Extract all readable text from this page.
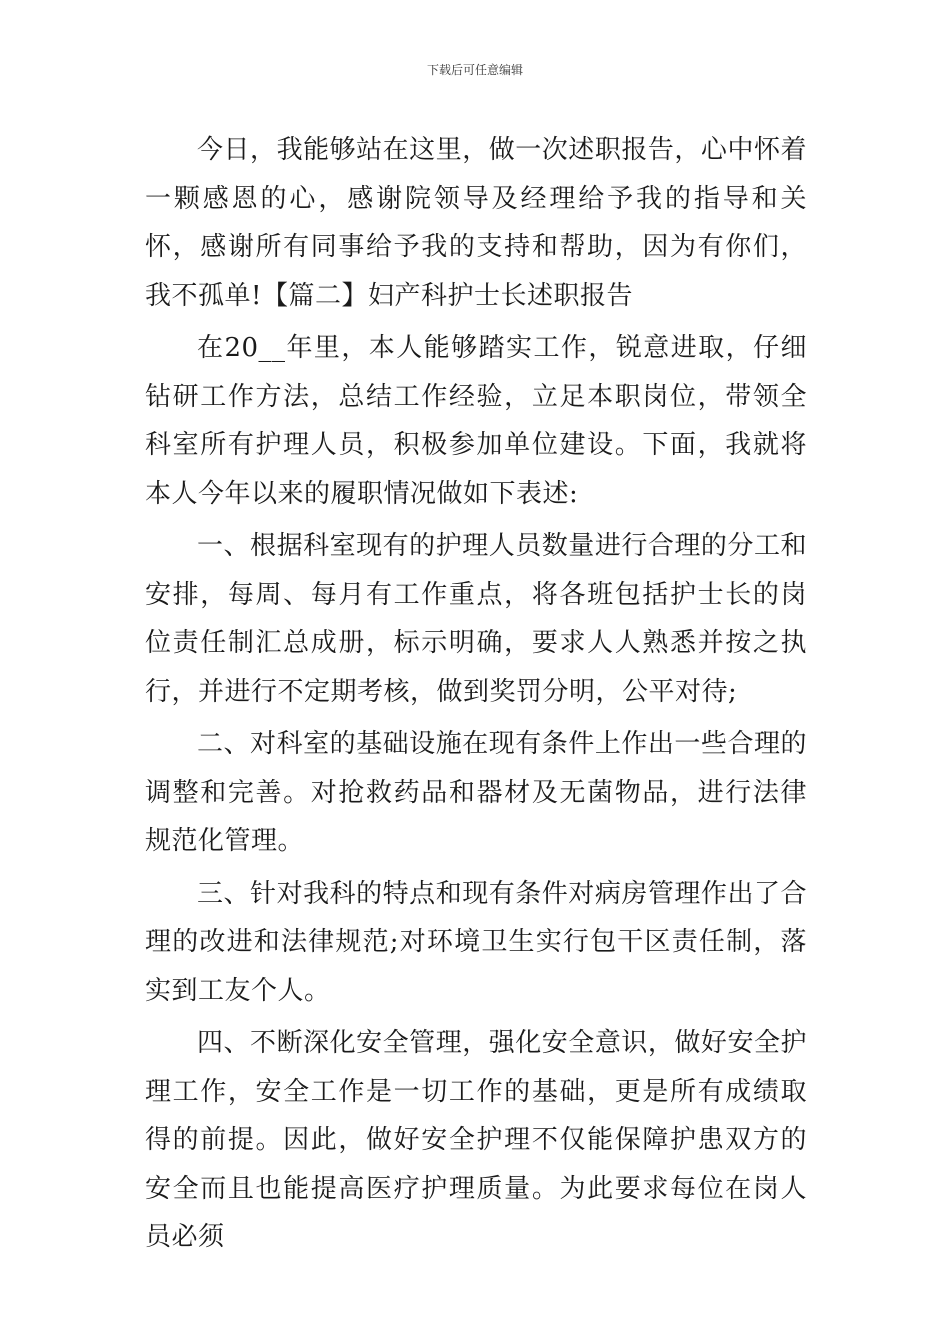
下载后可任意编辑

今日，我能够站在这里，做一次述职报告，心中怀着一颗感恩的心，感谢院领导及经理给予我的指导和关怀，感谢所有同事给予我的支持和帮助，因为有你们，我不孤单!【篇二】妇产科护士长述职报告

在20__年里，本人能够踏实工作，锐意进取，仔细钻研工作方法，总结工作经验，立足本职岗位，带领全科室所有护理人员，积极参加单位建设。下面，我就将本人今年以来的履职情况做如下表述:

一、根据科室现有的护理人员数量进行合理的分工和安排，每周、每月有工作重点，将各班包括护士长的岗位责任制汇总成册，标示明确，要求人人熟悉并按之执行，并进行不定期考核，做到奖罚分明，公平对待;

二、对科室的基础设施在现有条件上作出一些合理的调整和完善。对抢救药品和器材及无菌物品，进行法律规范化管理。

三、针对我科的特点和现有条件对病房管理作出了合理的改进和法律规范;对环境卫生实行包干区责任制，落实到工友个人。

四、不断深化安全管理，强化安全意识，做好安全护理工作，安全工作是一切工作的基础，更是所有成绩取得的前提。因此，做好安全护理不仅能保障护患双方的安全而且也能提高医疗护理质量。为此要求每位在岗人员必须
